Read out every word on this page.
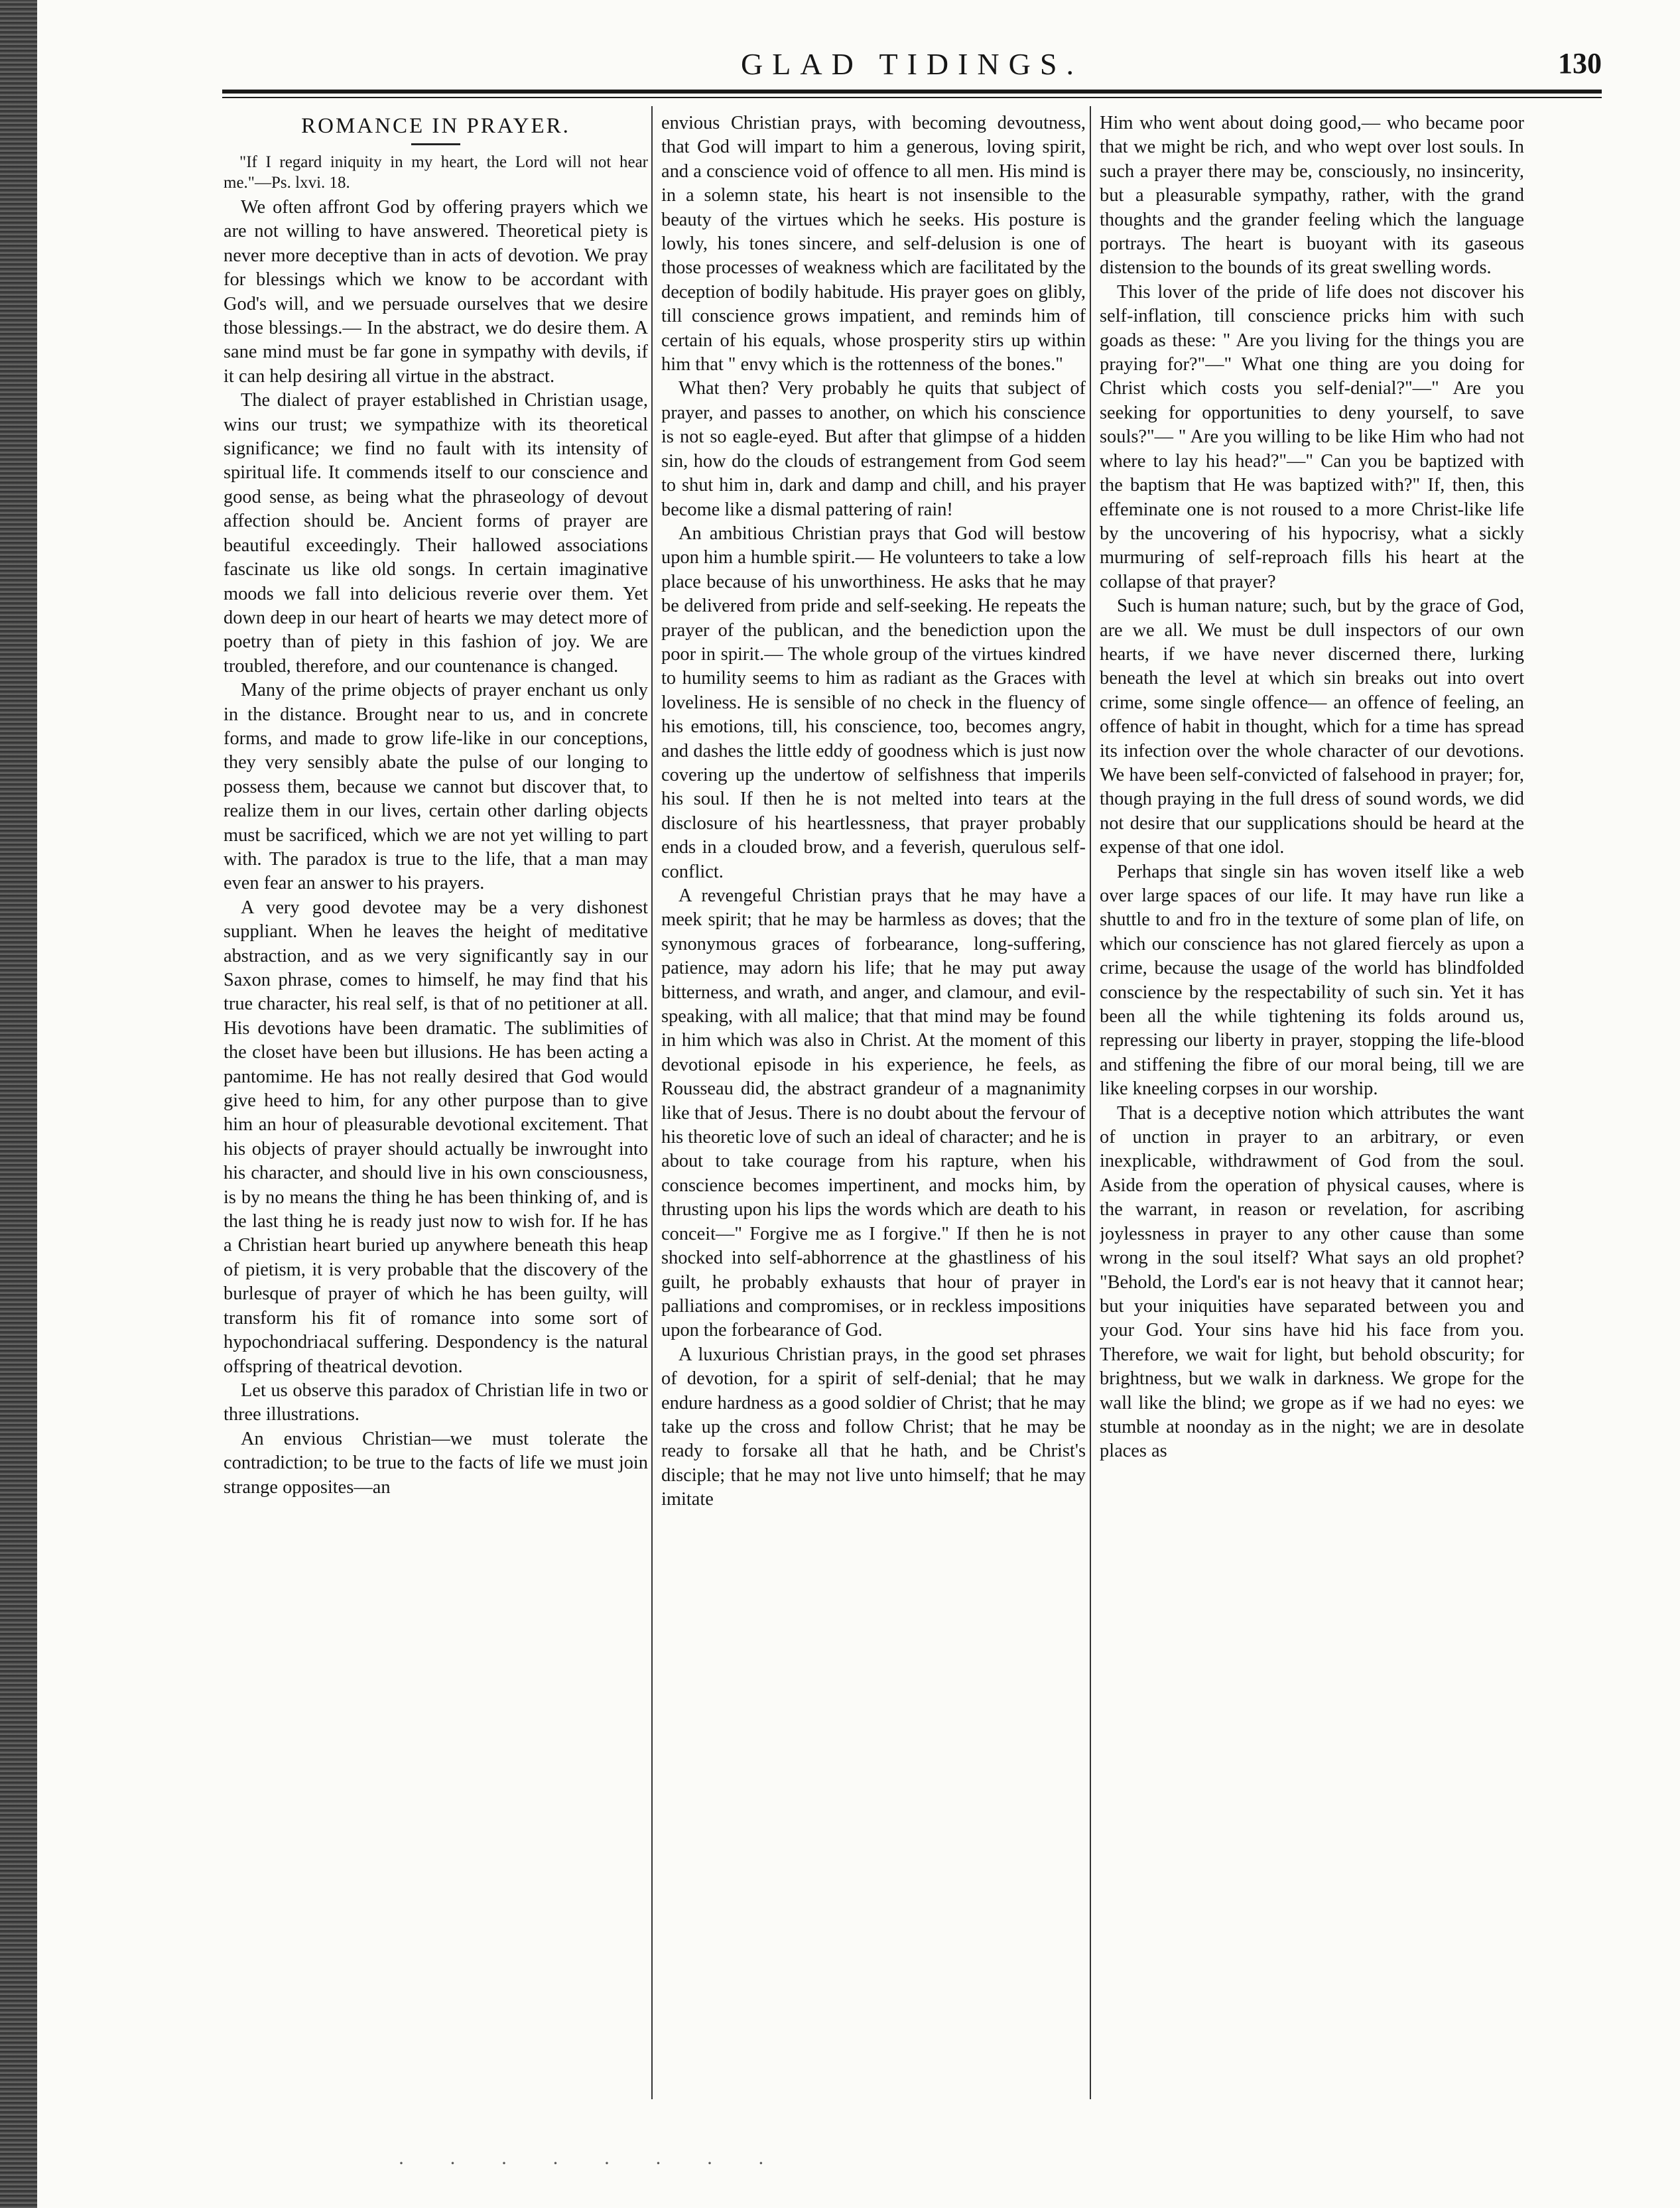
GLAD TIDINGS.	130
ROMANCE IN PRAYER.

"If I regard iniquity in my heart, the Lord will not hear me."—Ps. lxvi. 18.

We often affront God by offering prayers which we are not willing to have answered. Theoretical piety is never more deceptive than in acts of devotion. We pray for blessings which we know to be accordant with God's will, and we persuade ourselves that we desire those blessings.— In the abstract, we do desire them. A sane mind must be far gone in sympathy with devils, if it can help desiring all virtue in the abstract.

The dialect of prayer established in Christian usage, wins our trust; we sympathize with its theoretical significance; we find no fault with its intensity of spiritual life. It commends itself to our conscience and good sense, as being what the phraseology of devout affection should be. Ancient forms of prayer are beautiful exceedingly. Their hallowed associations fascinate us like old songs. In certain imaginative moods we fall into delicious reverie over them. Yet down deep in our heart of hearts we may detect more of poetry than of piety in this fashion of joy. We are troubled, therefore, and our countenance is changed.

Many of the prime objects of prayer enchant us only in the distance. Brought near to us, and in concrete forms, and made to grow life-like in our conceptions, they very sensibly abate the pulse of our longing to possess them, because we cannot but discover that, to realize them in our lives, certain other darling objects must be sacrificed, which we are not yet willing to part with. The paradox is true to the life, that a man may even fear an answer to his prayers.

A very good devotee may be a very dishonest suppliant. When he leaves the height of meditative abstraction, and as we very significantly say in our Saxon phrase, comes to himself, he may find that his true character, his real self, is that of no petitioner at all. His devotions have been dramatic. The sublimities of the closet have been but illusions. He has been acting a pantomime. He has not really desired that God would give heed to him, for any other purpose than to give him an hour of pleasurable devotional excitement. That his objects of prayer should actually be inwrought into his character, and should live in his own consciousness, is by no means the thing he has been thinking of, and is the last thing he is ready just now to wish for. If he has a Christian heart buried up anywhere beneath this heap of pietism, it is very probable that the discovery of the burlesque of prayer of which he has been guilty, will transform his fit of romance into some sort of hypochondriacal suffering. Despondency is the natural offspring of theatrical devotion.

Let us observe this paradox of Christian life in two or three illustrations.

An envious Christian—we must tolerate the contradiction; to be true to the facts of life we must join strange opposites—an

envious Christian prays, with becoming devoutness, that God will impart to him a generous, loving spirit, and a conscience void of offence to all men. His mind is in a solemn state, his heart is not insensible to the beauty of the virtues which he seeks. His posture is lowly, his tones sincere, and self-delusion is one of those processes of weakness which are facilitated by the deception of bodily habitude. His prayer goes on glibly, till conscience grows impatient, and reminds him of certain of his equals, whose prosperity stirs up within him that " envy which is the rottenness of the bones."

What then? Very probably he quits that subject of prayer, and passes to another, on which his conscience is not so eagle-eyed. But after that glimpse of a hidden sin, how do the clouds of estrangement from God seem to shut him in, dark and damp and chill, and his prayer become like a dismal pattering of rain!

An ambitious Christian prays that God will bestow upon him a humble spirit.— He volunteers to take a low place because of his unworthiness. He asks that he may be delivered from pride and self-seeking. He repeats the prayer of the publican, and the benediction upon the poor in spirit.— The whole group of the virtues kindred to humility seems to him as radiant as the Graces with loveliness. He is sensible of no check in the fluency of his emotions, till, his conscience, too, becomes angry, and dashes the little eddy of goodness which is just now covering up the undertow of selfishness that imperils his soul. If then he is not melted into tears at the disclosure of his heartlessness, that prayer probably ends in a clouded brow, and a feverish, querulous self-conflict.

A revengeful Christian prays that he may have a meek spirit; that he may be harmless as doves; that the synonymous graces of forbearance, long-suffering, patience, may adorn his life; that he may put away bitterness, and wrath, and anger, and clamour, and evil-speaking, with all malice; that that mind may be found in him which was also in Christ. At the moment of this devotional episode in his experience, he feels, as Rousseau did, the abstract grandeur of a magnanimity like that of Jesus. There is no doubt about the fervour of his theoretic love of such an ideal of character; and he is about to take courage from his rapture, when his conscience becomes impertinent, and mocks him, by thrusting upon his lips the words which are death to his conceit—" Forgive me as I forgive." If then he is not shocked into self-abhorrence at the ghastliness of his guilt, he probably exhausts that hour of prayer in palliations and compromises, or in reckless impositions upon the forbearance of God.

A luxurious Christian prays, in the good set phrases of devotion, for a spirit of self-denial; that he may endure hardness as a good soldier of Christ; that he may take up the cross and follow Christ; that he may be ready to forsake all that he hath, and be Christ's disciple; that he may not live unto himself; that he may imitate

Him who went about doing good,— who became poor that we might be rich, and who wept over lost souls. In such a prayer there may be, consciously, no insincerity, but a pleasurable sympathy, rather, with the grand thoughts and the grander feeling which the language portrays. The heart is buoyant with its gaseous distension to the bounds of its great swelling words.

This lover of the pride of life does not discover his self-inflation, till conscience pricks him with such goads as these: " Are you living for the things you are praying for?"—" What one thing are you doing for Christ which costs you self-denial?"—" Are you seeking for opportunities to deny yourself, to save souls?"— " Are you willing to be like Him who had not where to lay his head?"—" Can you be baptized with the baptism that He was baptized with?" If, then, this effeminate one is not roused to a more Christ-like life by the uncovering of his hypocrisy, what a sickly murmuring of self-reproach fills his heart at the collapse of that prayer?

Such is human nature; such, but by the grace of God, are we all. We must be dull inspectors of our own hearts, if we have never discerned there, lurking beneath the level at which sin breaks out into overt crime, some single offence— an offence of feeling, an offence of habit in thought, which for a time has spread its infection over the whole character of our devotions. We have been self-convicted of falsehood in prayer; for, though praying in the full dress of sound words, we did not desire that our supplications should be heard at the expense of that one idol.

Perhaps that single sin has woven itself like a web over large spaces of our life. It may have run like a shuttle to and fro in the texture of some plan of life, on which our conscience has not glared fiercely as upon a crime, because the usage of the world has blindfolded conscience by the respectability of such sin. Yet it has been all the while tightening its folds around us, repressing our liberty in prayer, stopping the life-blood and stiffening the fibre of our moral being, till we are like kneeling corpses in our worship.

That is a deceptive notion which attributes the want of unction in prayer to an arbitrary, or even inexplicable, withdrawment of God from the soul. Aside from the operation of physical causes, where is the warrant, in reason or revelation, for ascribing joylessness in prayer to any other cause than some wrong in the soul itself? What says an old prophet? "Behold, the Lord's ear is not heavy that it cannot hear; but your iniquities have separated between you and your God. Your sins have hid his face from you. Therefore, we wait for light, but behold obscurity; for brightness, but we walk in darkness. We grope for the wall like the blind; we grope as if we had no eyes: we stumble at noonday as in the night; we are in desolate places as

· · · · · · · ·
